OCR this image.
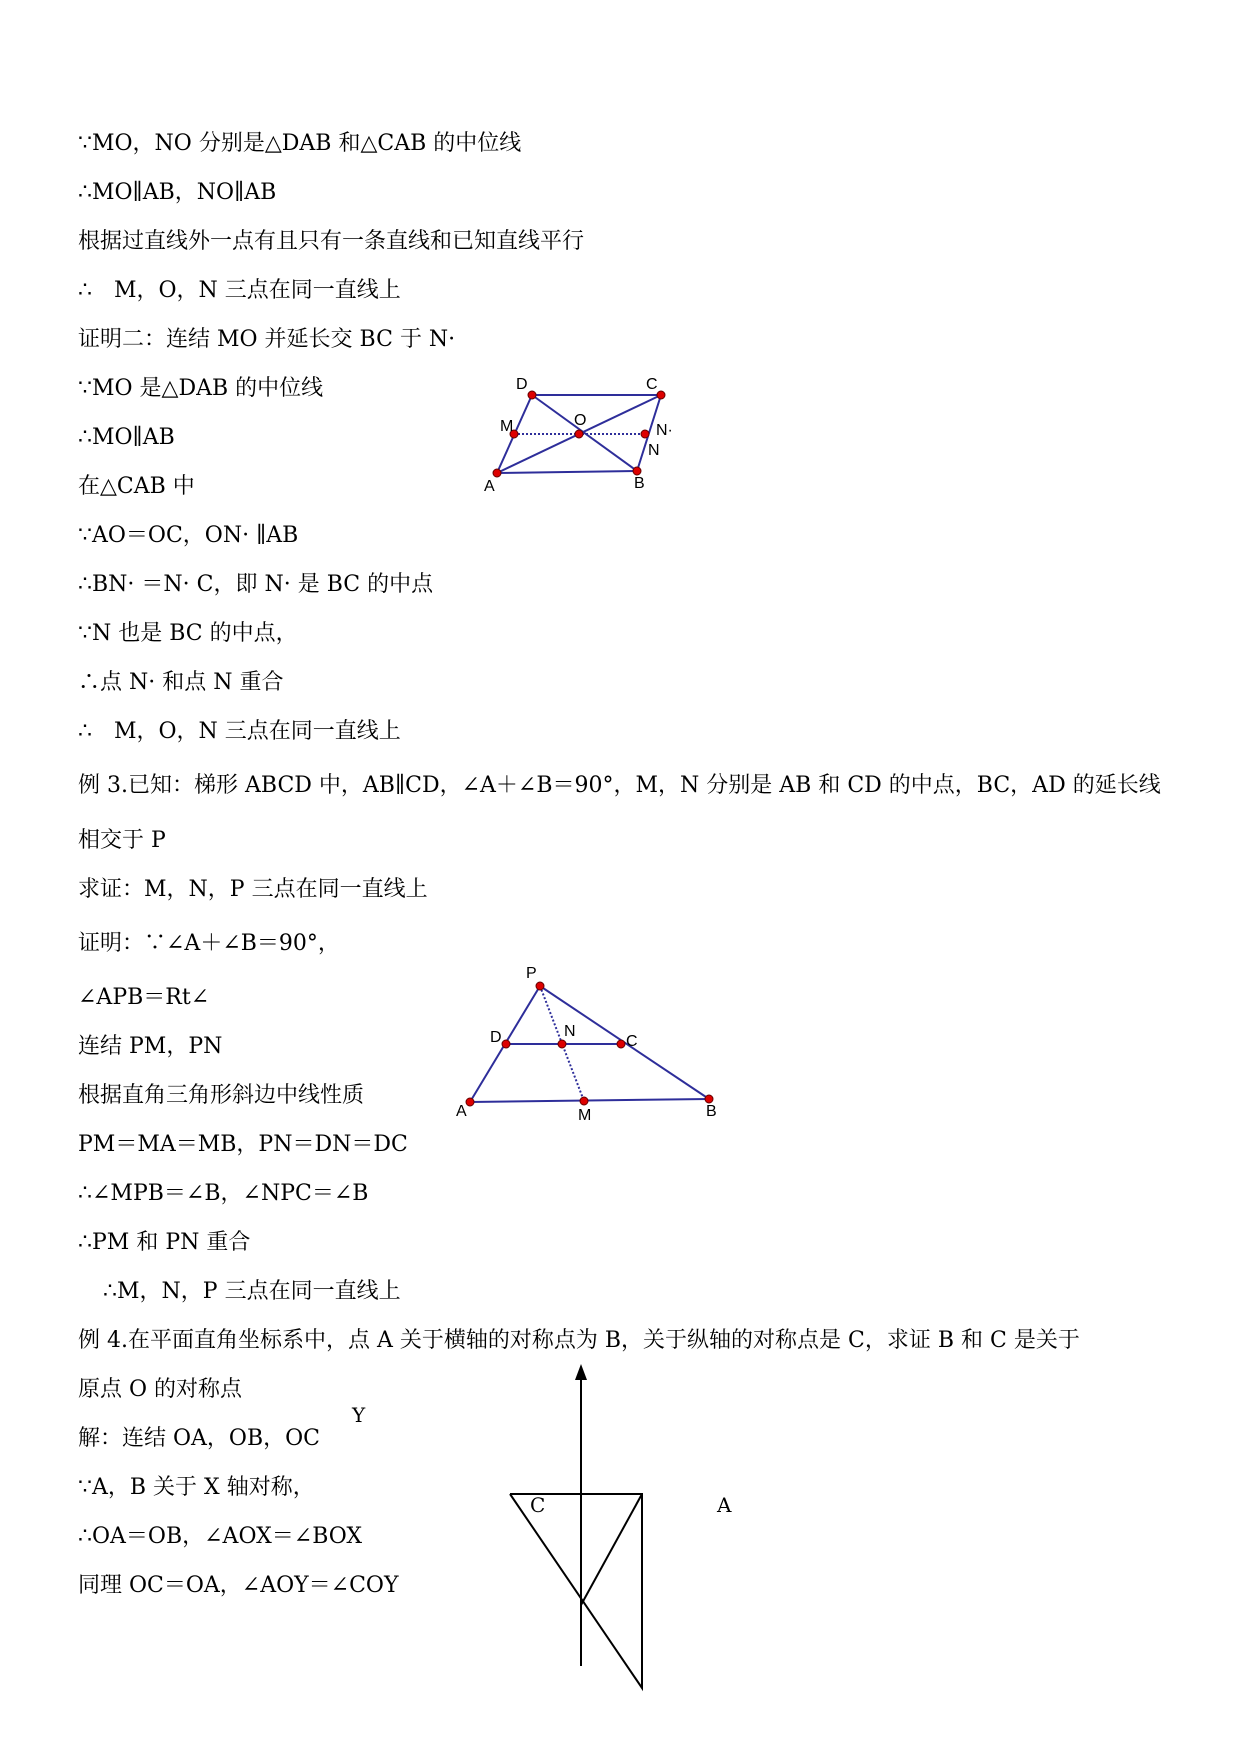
∵MO，NO 分别是△DAB 和△CAB 的中位线
∴MO∥AB，NO∥AB
根据过直线外一点有且只有一条直线和已知直线平行
∴　M，O，N 三点在同一直线上
证明二：连结 MO 并延长交 BC 于 N·
∵MO 是△DAB 的中位线
∴MO∥AB
在△CAB 中
∵AO＝OC，ON· ∥AB
∴BN· ＝N· C，即 N· 是 BC 的中点
∵N 也是 BC 的中点，
∴点 N· 和点 N 重合
∴　M，O，N 三点在同一直线上
例 3.已知：梯形 ABCD 中，AB∥CD，∠A＋∠B＝90°，M，N 分别是 AB 和 CD 的中点，BC，AD 的延长线
相交于 P
求证：M，N，P 三点在同一直线上
证明：∵∠A＋∠B＝90°，
∠APB＝Rt∠
连结 PM，PN
根据直角三角形斜边中线性质
PM＝MA＝MB，PN＝DN＝DC
∴∠MPB＝∠B，∠NPC＝∠B
∴PM 和 PN 重合
∴M，N，P 三点在同一直线上
例 4.在平面直角坐标系中，点 A 关于横轴的对称点为 B，关于纵轴的对称点是 C，求证 B 和 C 是关于
原点 O 的对称点
解：连结 OA，OB，OC
∵A，B 关于 X 轴对称，
∴OA＝OB，∠AOX＝∠BOX
同理 OC＝OA，∠AOY＝∠COY
D	C
M	O
N·
N
A	B
P
D	N
C
A	M	B
Y
C	A
